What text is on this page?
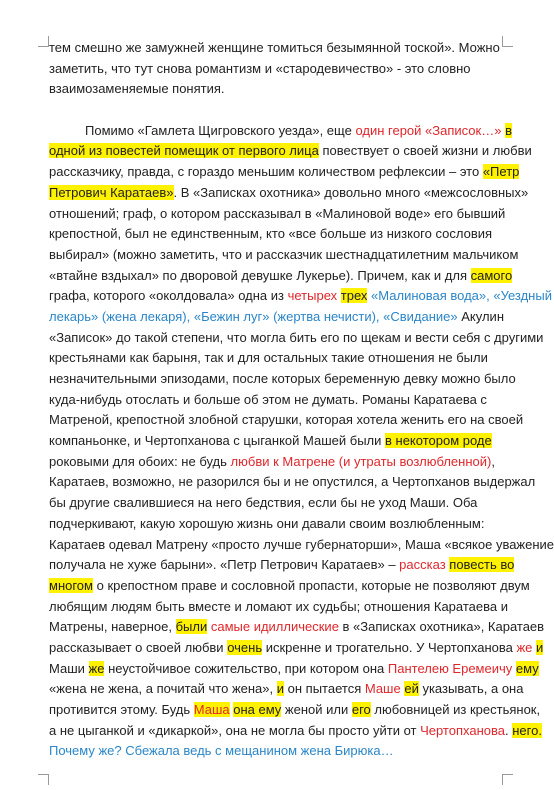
тем смешно же замужней женщине томиться безымянной тоской». Можно
заметить, что тут снова романтизм и «стародевичество» - это словно
взаимозаменяемые понятия.
Помимо «Гамлета Щигровского уезда», еще один герой «Записок…» в
одной из повестей помещик от первого лица повествует о своей жизни и любви
рассказчику, правда, с гораздо меньшим количеством рефлексии – это «Петр
Петрович Каратаев». В «Записках охотника» довольно много «межсословных»
отношений; граф, о котором рассказывал в «Малиновой воде» его бывший
крепостной, был не единственным, кто «все больше из низкого сословия
выбирал» (можно заметить, что и рассказчик шестнадцатилетним мальчиком
«втайне вздыхал» по дворовой девушке Лукерье). Причем, как и для самого
графа, которого «околдовала» одна из четырех трех «Малиновая вода», «Уездный
лекарь» (жена лекаря), «Бежин луг» (жертва нечисти), «Свидание» Акулин
«Записок» до такой степени, что могла бить его по щекам и вести себя с другими
крестьянами как барыня, так и для остальных такие отношения не были
незначительными эпизодами, после которых беременную девку можно было
куда-нибудь отослать и больше об этом не думать. Романы Каратаева с
Матреной, крепостной злобной старушки, которая хотела женить его на своей
компаньонке, и Чертопханова с цыганкой Машей были в некотором роде
роковыми для обоих: не будь любви к Матрене (и утраты возлюбленной),
Каратаев, возможно, не разорился бы и не опустился, а Чертопханов выдержал
бы другие свалившиеся на него бедствия, если бы не уход Маши. Оба
подчеркивают, какую хорошую жизнь они давали своим возлюбленным:
Каратаев одевал Матрену «просто лучше губернаторши», Маша «всякое уважение
получала не хуже барыни». «Петр Петрович Каратаев» – рассказ повесть во
многом о крепостном праве и сословной пропасти, которые не позволяют двум
любящим людям быть вместе и ломают их судьбы; отношения Каратаева и
Матрены, наверное, были самые идиллические в «Записках охотника», Каратаев
рассказывает о своей любви очень искренне и трогательно. У Чертопханова же и
Маши же неустойчивое сожительство, при котором она Пантелею Еремеичу ему
«жена не жена, а почитай что жена», и он пытается Маше ей указывать, а она
противится этому. Будь Маша она ему женой или его любовницей из крестьянок,
а не цыганкой и «дикаркой», она не могла бы просто уйти от Чертопханова. него.
Почему же? Сбежала ведь с мещанином жена Бирюка…
